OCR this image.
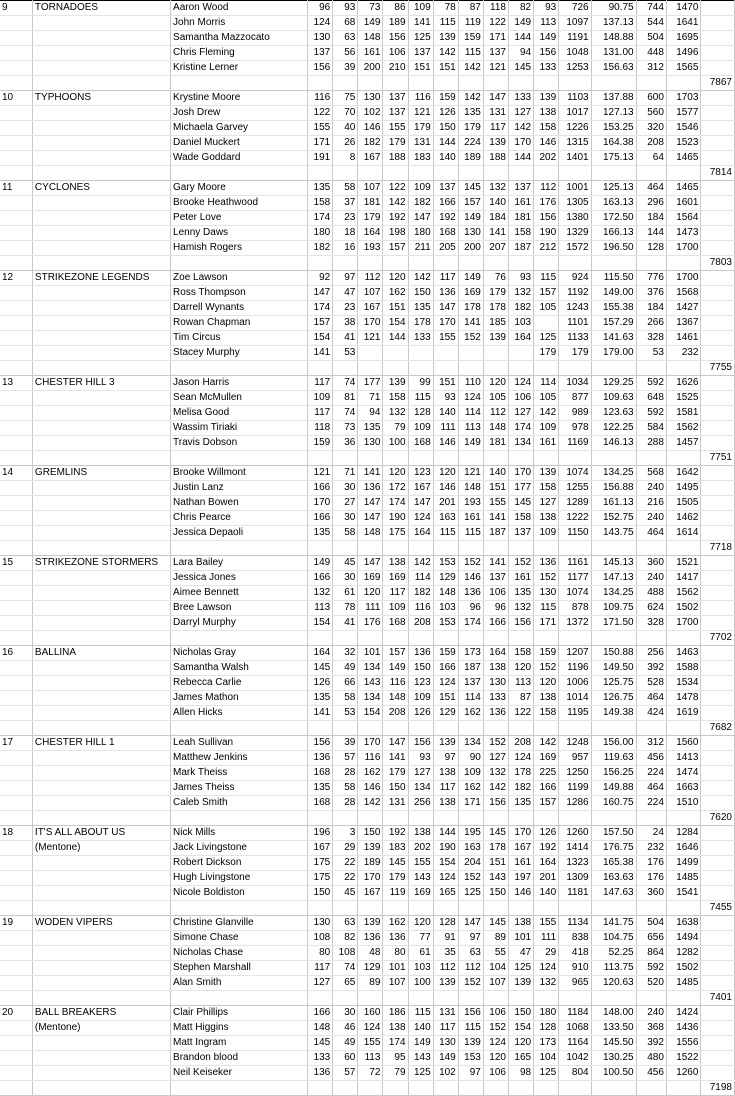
9	TORNADOES	Aaron Wood	96	93	73	86	109	78	87	118	82	93	726	90.75	744	1470	
		John Morris	124	68	149	189	141	115	119	122	149	113	1097	137.13	544	1641	
		Samantha Mazzocato	130	63	148	156	125	139	159	171	144	149	1191	148.88	504	1695	
		Chris Fleming	137	56	161	106	137	142	115	137	94	156	1048	131.00	448	1496	
		Kristine Lerner	156	39	200	210	151	151	142	121	145	133	1253	156.63	312	1565	
																	7867
10	TYPHOONS	Krystine Moore	116	75	130	137	116	159	142	147	133	139	1103	137.88	600	1703	
		Josh Drew	122	70	102	137	121	126	135	131	127	138	1017	127.13	560	1577	
		Michaela Garvey	155	40	146	155	179	150	179	117	142	158	1226	153.25	320	1546	
		Daniel Muckert	171	26	182	179	131	144	224	139	170	146	1315	164.38	208	1523	
		Wade Goddard	191	8	167	188	183	140	189	188	144	202	1401	175.13	64	1465	
																	7814
11	CYCLONES	Gary Moore	135	58	107	122	109	137	145	132	137	112	1001	125.13	464	1465	
		Brooke Heathwood	158	37	181	142	182	166	157	140	161	176	1305	163.13	296	1601	
		Peter Love	174	23	179	192	147	192	149	184	181	156	1380	172.50	184	1564	
		Lenny Daws	180	18	164	198	180	168	130	141	158	190	1329	166.13	144	1473	
		Hamish Rogers	182	16	193	157	211	205	200	207	187	212	1572	196.50	128	1700	
																	7803
12	STRIKEZONE LEGENDS	Zoe Lawson	92	97	112	120	142	117	149	76	93	115	924	115.50	776	1700	
		Ross Thompson	147	47	107	162	150	136	169	179	132	157	1192	149.00	376	1568	
		Darrell Wynants	174	23	167	151	135	147	178	178	182	105	1243	155.38	184	1427	
		Rowan Chapman	157	38	170	154	178	170	141	185	103		1101	157.29	266	1367	
		Tim Circus	154	41	121	144	133	155	152	139	164	125	1133	141.63	328	1461	
		Stacey Murphy	141	53								179	179	179.00	53	232	
																	7755
13	CHESTER HILL 3	Jason Harris	117	74	177	139	99	151	110	120	124	114	1034	129.25	592	1626	
		Sean McMullen	109	81	71	158	115	93	124	105	106	105	877	109.63	648	1525	
		Melisa Good	117	74	94	132	128	140	114	112	127	142	989	123.63	592	1581	
		Wassim Tiriaki	118	73	135	79	109	111	113	148	174	109	978	122.25	584	1562	
		Travis Dobson	159	36	130	100	168	146	149	181	134	161	1169	146.13	288	1457	
																	7751
14	GREMLINS	Brooke Willmont	121	71	141	120	123	120	121	140	170	139	1074	134.25	568	1642	
		Justin Lanz	166	30	136	172	167	146	148	151	177	158	1255	156.88	240	1495	
		Nathan Bowen	170	27	147	174	147	201	193	155	145	127	1289	161.13	216	1505	
		Chris Pearce	166	30	147	190	124	163	161	141	158	138	1222	152.75	240	1462	
		Jessica Depaoli	135	58	148	175	164	115	115	187	137	109	1150	143.75	464	1614	
																	7718
15	STRIKEZONE STORMERS	Lara Bailey	149	45	147	138	142	153	152	141	152	136	1161	145.13	360	1521	
		Jessica Jones	166	30	169	169	114	129	146	137	161	152	1177	147.13	240	1417	
		Aimee Bennett	132	61	120	117	182	148	136	106	135	130	1074	134.25	488	1562	
		Bree Lawson	113	78	111	109	116	103	96	96	132	115	878	109.75	624	1502	
		Darryl Murphy	154	41	176	168	208	153	174	166	156	171	1372	171.50	328	1700	
																	7702
16	BALLINA	Nicholas Gray	164	32	101	157	136	159	173	164	158	159	1207	150.88	256	1463	
		Samantha Walsh	145	49	134	149	150	166	187	138	120	152	1196	149.50	392	1588	
		Rebecca Carlie	126	66	143	116	123	124	137	130	113	120	1006	125.75	528	1534	
		James Mathon	135	58	134	148	109	151	114	133	87	138	1014	126.75	464	1478	
		Allen Hicks	141	53	154	208	126	129	162	136	122	158	1195	149.38	424	1619	
																	7682
17	CHESTER HILL 1	Leah Sullivan	156	39	170	147	156	139	134	152	208	142	1248	156.00	312	1560	
		Matthew Jenkins	136	57	116	141	93	97	90	127	124	169	957	119.63	456	1413	
		Mark Theiss	168	28	162	179	127	138	109	132	178	225	1250	156.25	224	1474	
		James Theiss	135	58	146	150	134	117	162	142	182	166	1199	149.88	464	1663	
		Caleb Smith	168	28	142	131	256	138	171	156	135	157	1286	160.75	224	1510	
																	7620
18	IT'S ALL ABOUT US	Nick Mills	196	3	150	192	138	144	195	145	170	126	1260	157.50	24	1284	
	(Mentone)	Jack Livingstone	167	29	139	183	202	190	163	178	167	192	1414	176.75	232	1646	
		Robert Dickson	175	22	189	145	155	154	204	151	161	164	1323	165.38	176	1499	
		Hugh Livingstone	175	22	170	179	143	124	152	143	197	201	1309	163.63	176	1485	
		Nicole Boldiston	150	45	167	119	169	165	125	150	146	140	1181	147.63	360	1541	
																	7455
19	WODEN VIPERS	Christine Glanville	130	63	139	162	120	128	147	145	138	155	1134	141.75	504	1638	
		Simone Chase	108	82	136	136	77	91	97	89	101	111	838	104.75	656	1494	
		Nicholas Chase	80	108	48	80	61	35	63	55	47	29	418	52.25	864	1282	
		Stephen Marshall	117	74	129	101	103	112	112	104	125	124	910	113.75	592	1502	
		Alan Smith	127	65	89	107	100	139	152	107	139	132	965	120.63	520	1485	
																	7401
20	BALL BREAKERS	Clair Phillips	166	30	160	186	115	131	156	106	150	180	1184	148.00	240	1424	
	(Mentone)	Matt Higgins	148	46	124	138	140	117	115	152	154	128	1068	133.50	368	1436	
		Matt Ingram	145	49	155	174	149	130	139	124	120	173	1164	145.50	392	1556	
		Brandon blood	133	60	113	95	143	149	153	120	165	104	1042	130.25	480	1522	
		Neil Keiseker	136	57	72	79	125	102	97	106	98	125	804	100.50	456	1260	
																	7198
